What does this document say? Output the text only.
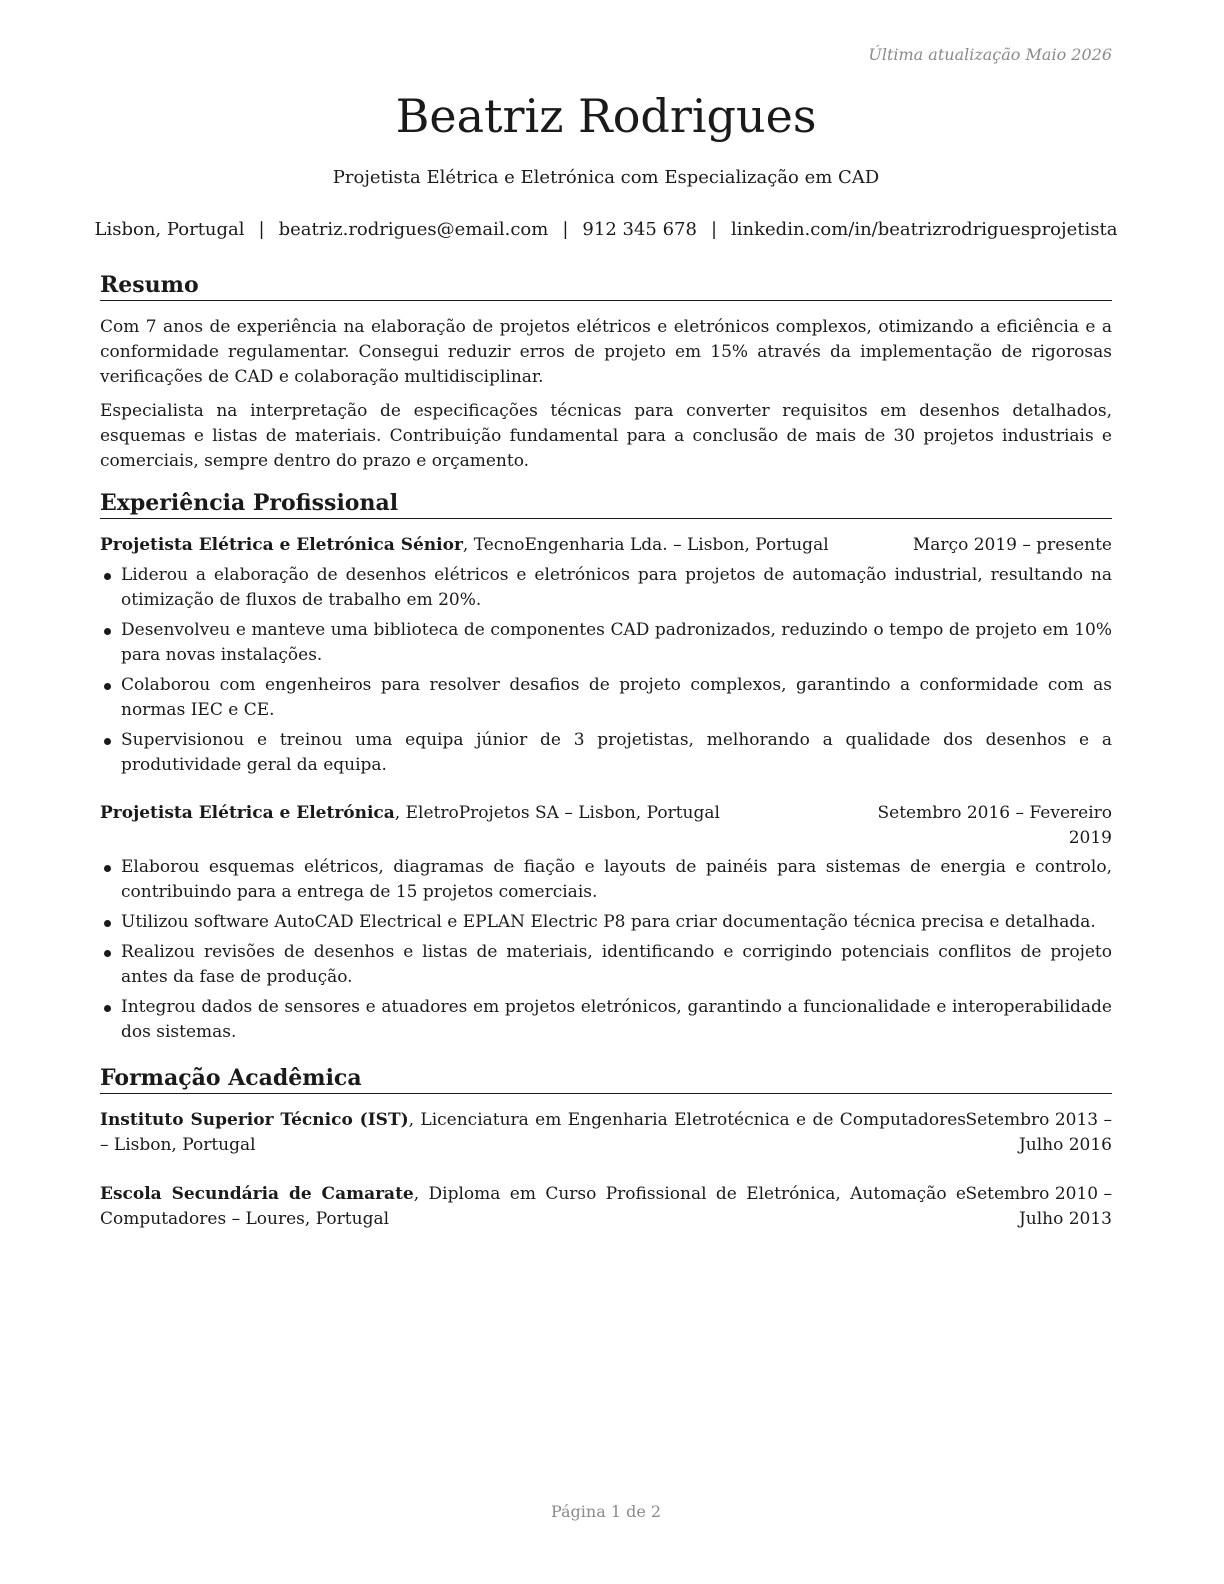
Última atualização Maio 2026
Beatriz Rodrigues
Projetista Elétrica e Eletrónica com Especialização em CAD
Lisbon, Portugal | beatriz.rodrigues@email.com | 912 345 678 | linkedin.com/in/beatrizrodriguesprojetista
Resumo
Com 7 anos de experiência na elaboração de projetos elétricos e eletrónicos complexos, otimizando a eficiência e a conformidade regulamentar. Consegui reduzir erros de projeto em 15% através da implementação de rigorosas verificações de CAD e colaboração multidisciplinar.
Especialista na interpretação de especificações técnicas para converter requisitos em desenhos detalhados, esquemas e listas de materiais. Contribuição fundamental para a conclusão de mais de 30 projetos industriais e comerciais, sempre dentro do prazo e orçamento.
Experiência Profissional
Projetista Elétrica e Eletrónica Sénior, TecnoEngenharia Lda. – Lisbon, Portugal	Março 2019 – presente
Liderou a elaboração de desenhos elétricos e eletrónicos para projetos de automação industrial, resultando na otimização de fluxos de trabalho em 20%.
Desenvolveu e manteve uma biblioteca de componentes CAD padronizados, reduzindo o tempo de projeto em 10% para novas instalações.
Colaborou com engenheiros para resolver desafios de projeto complexos, garantindo a conformidade com as normas IEC e CE.
Supervisionou e treinou uma equipa júnior de 3 projetistas, melhorando a qualidade dos desenhos e a produtividade geral da equipa.
Projetista Elétrica e Eletrónica, EletroProjetos SA – Lisbon, Portugal	Setembro 2016 – Fevereiro 2019
Elaborou esquemas elétricos, diagramas de fiação e layouts de painéis para sistemas de energia e controlo, contribuindo para a entrega de 15 projetos comerciais.
Utilizou software AutoCAD Electrical e EPLAN Electric P8 para criar documentação técnica precisa e detalhada.
Realizou revisões de desenhos e listas de materiais, identificando e corrigindo potenciais conflitos de projeto antes da fase de produção.
Integrou dados de sensores e atuadores em projetos eletrónicos, garantindo a funcionalidade e interoperabilidade dos sistemas.
Formação Acadêmica
Instituto Superior Técnico (IST), Licenciatura em Engenharia Eletrotécnica e de Computadores – Lisbon, Portugal
Setembro 2013 – Julho 2016
Escola Secundária de Camarate, Diploma em Curso Profissional de Eletrónica, Automação e Computadores – Loures, Portugal
Setembro 2010 – Julho 2013
Página 1 de 2
